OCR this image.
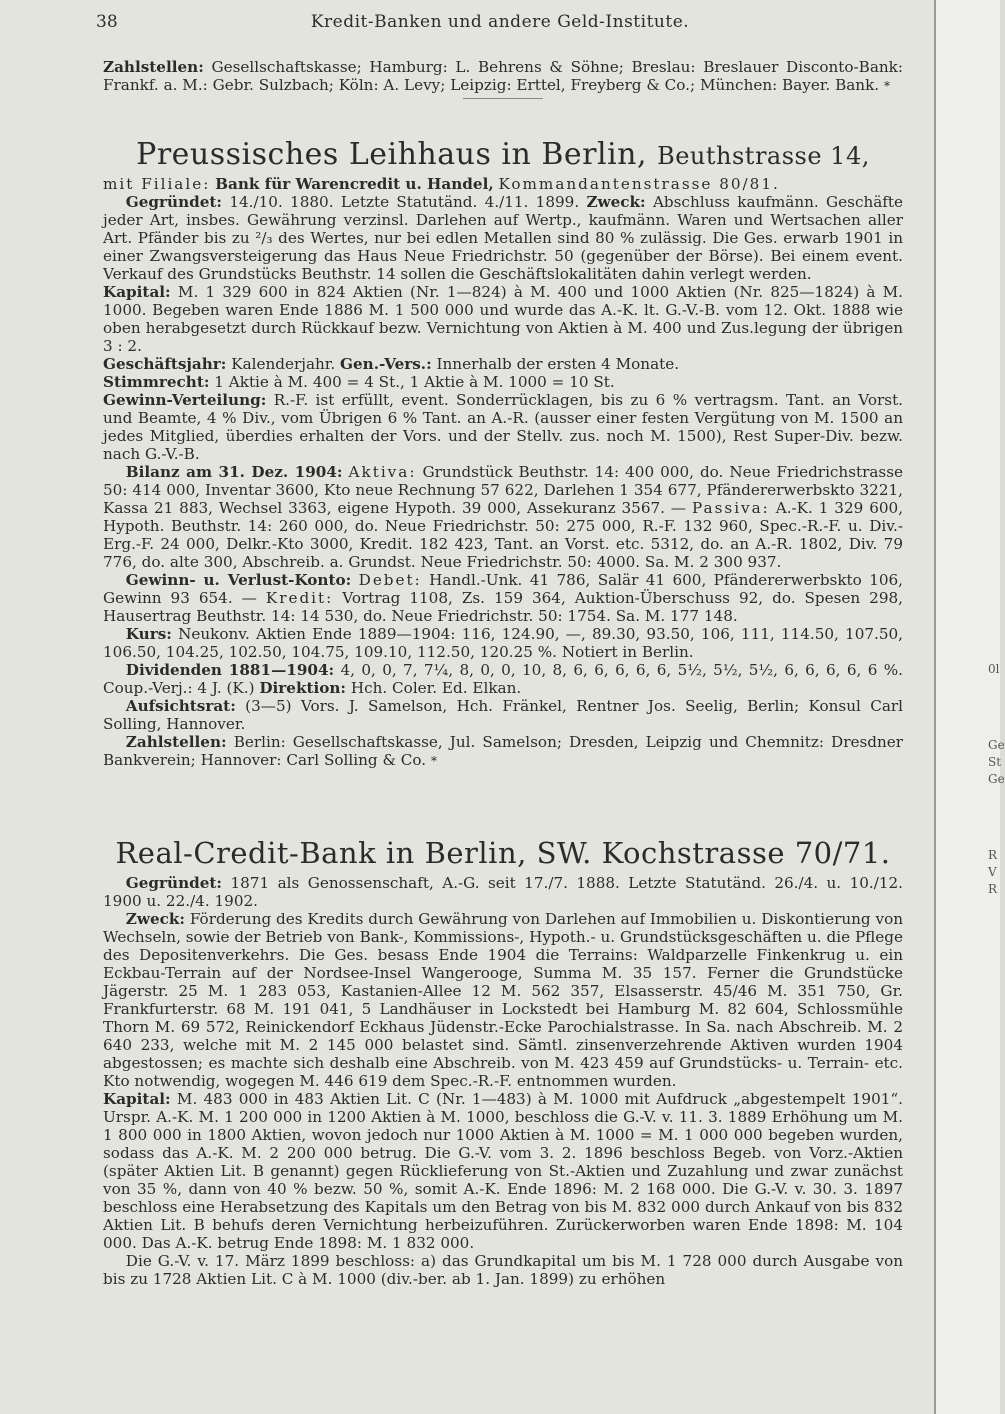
38	Kredit-Banken und andere Geld-Institute.

Zahlstellen: Gesellschaftskasse; Hamburg: L. Behrens & Söhne; Breslau: Breslauer Disconto-Bank: Frankf. a. M.: Gebr. Sulzbach; Köln: A. Levy; Leipzig: Erttel, Freyberg & Co.; München: Bayer. Bank. *

Preussisches Leihhaus in Berlin, Beuthstrasse 14,

mit Filiale: Bank für Warencredit u. Handel, Kommandantenstrasse 80/81.

Gegründet: 14./10. 1880. Letzte Statutänd. 4./11. 1899. Zweck: Abschluss kaufmänn. Geschäfte jeder Art, insbes. Gewährung verzinsl. Darlehen auf Wertp., kaufmänn. Waren und Wertsachen aller Art. Pfänder bis zu ²/₃ des Wertes, nur bei edlen Metallen sind 80 % zulässig. Die Ges. erwarb 1901 in einer Zwangsversteigerung das Haus Neue Friedrichstr. 50 (gegenüber der Börse). Bei einem event. Verkauf des Grundstücks Beuthstr. 14 sollen die Geschäftslokalitäten dahin verlegt werden.

Kapital: M. 1 329 600 in 824 Aktien (Nr. 1—824) à M. 400 und 1000 Aktien (Nr. 825—1824) à M. 1000. Begeben waren Ende 1886 M. 1 500 000 und wurde das A.-K. lt. G.-V.-B. vom 12. Okt. 1888 wie oben herabgesetzt durch Rückkauf bezw. Vernichtung von Aktien à M. 400 und Zus.legung der übrigen 3 : 2.

Geschäftsjahr: Kalenderjahr. Gen.-Vers.: Innerhalb der ersten 4 Monate.

Stimmrecht: 1 Aktie à M. 400 = 4 St., 1 Aktie à M. 1000 = 10 St.

Gewinn-Verteilung: R.-F. ist erfüllt, event. Sonderrücklagen, bis zu 6 % vertragsm. Tant. an Vorst. und Beamte, 4 % Div., vom Übrigen 6 % Tant. an A.-R. (ausser einer festen Vergütung von M. 1500 an jedes Mitglied, überdies erhalten der Vors. und der Stellv. zus. noch M. 1500), Rest Super-Div. bezw. nach G.-V.-B.

Bilanz am 31. Dez. 1904: Aktiva: Grundstück Beuthstr. 14: 400 000, do. Neue Friedrichstrasse 50: 414 000, Inventar 3600, Kto neue Rechnung 57 622, Darlehen 1 354 677, Pfändererwerbskto 3221, Kassa 21 883, Wechsel 3363, eigene Hypoth. 39 000, Assekuranz 3567. — Passiva: A.-K. 1 329 600, Hypoth. Beuthstr. 14: 260 000, do. Neue Friedrichstr. 50: 275 000, R.-F. 132 960, Spec.-R.-F. u. Div.-Erg.-F. 24 000, Delkr.-Kto 3000, Kredit. 182 423, Tant. an Vorst. etc. 5312, do. an A.-R. 1802, Div. 79 776, do. alte 300, Abschreib. a. Grundst. Neue Friedrichstr. 50: 4000. Sa. M. 2 300 937.

Gewinn- u. Verlust-Konto: Debet: Handl.-Unk. 41 786, Salär 41 600, Pfändererwerbskto 106, Gewinn 93 654. — Kredit: Vortrag 1108, Zs. 159 364, Auktion-Überschuss 92, do. Spesen 298, Hausertrag Beuthstr. 14: 14 530, do. Neue Friedrichstr. 50: 1754. Sa. M. 177 148.

Kurs: Neukonv. Aktien Ende 1889—1904: 116, 124.90, —, 89.30, 93.50, 106, 111, 114.50, 107.50, 106.50, 104.25, 102.50, 104.75, 109.10, 112.50, 120.25 %. Notiert in Berlin.

Dividenden 1881—1904: 4, 0, 0, 7, 7¼, 8, 0, 0, 10, 8, 6, 6, 6, 6, 6, 5½, 5½, 5½, 6, 6, 6, 6, 6 %. Coup.-Verj.: 4 J. (K.) Direktion: Hch. Coler. Ed. Elkan.

Aufsichtsrat: (3—5) Vors. J. Samelson, Hch. Fränkel, Rentner Jos. Seelig, Berlin; Konsul Carl Solling, Hannover.

Zahlstellen: Berlin: Gesellschaftskasse, Jul. Samelson; Dresden, Leipzig und Chemnitz: Dresdner Bankverein; Hannover: Carl Solling & Co. *

Real-Credit-Bank in Berlin, SW. Kochstrasse 70/71.

Gegründet: 1871 als Genossenschaft, A.-G. seit 17./7. 1888. Letzte Statutänd. 26./4. u. 10./12. 1900 u. 22./4. 1902.

Zweck: Förderung des Kredits durch Gewährung von Darlehen auf Immobilien u. Diskontierung von Wechseln, sowie der Betrieb von Bank-, Kommissions-, Hypoth.- u. Grundstücksgeschäften u. die Pflege des Depositenverkehrs. Die Ges. besass Ende 1904 die Terrains: Waldparzelle Finkenkrug u. ein Eckbau-Terrain auf der Nordsee-Insel Wangerooge, Summa M. 35 157. Ferner die Grundstücke Jägerstr. 25 M. 1 283 053, Kastanien-Allee 12 M. 562 357, Elsasserstr. 45/46 M. 351 750, Gr. Frankfurterstr. 68 M. 191 041, 5 Landhäuser in Lockstedt bei Hamburg M. 82 604, Schlossmühle Thorn M. 69 572, Reinickendorf Eckhaus Jüdenstr.-Ecke Parochialstrasse. In Sa. nach Abschreib. M. 2 640 233, welche mit M. 2 145 000 belastet sind. Sämtl. zinsenverzehrende Aktiven wurden 1904 abgestossen; es machte sich deshalb eine Abschreib. von M. 423 459 auf Grundstücks- u. Terrain- etc. Kto notwendig, wogegen M. 446 619 dem Spec.-R.-F. entnommen wurden.

Kapital: M. 483 000 in 483 Aktien Lit. C (Nr. 1—483) à M. 1000 mit Aufdruck „abgestempelt 1901“. Urspr. A.-K. M. 1 200 000 in 1200 Aktien à M. 1000, beschloss die G.-V. v. 11. 3. 1889 Erhöhung um M. 1 800 000 in 1800 Aktien, wovon jedoch nur 1000 Aktien à M. 1000 = M. 1 000 000 begeben wurden, sodass das A.-K. M. 2 200 000 betrug. Die G.-V. vom 3. 2. 1896 beschloss Begeb. von Vorz.-Aktien (später Aktien Lit. B genannt) gegen Rücklieferung von St.-Aktien und Zuzahlung und zwar zunächst von 35 %, dann von 40 % bezw. 50 %, somit A.-K. Ende 1896: M. 2 168 000. Die G.-V. v. 30. 3. 1897 beschloss eine Herabsetzung des Kapitals um den Betrag von bis M. 832 000 durch Ankauf von bis 832 Aktien Lit. B behufs deren Vernichtung herbeizuführen. Zurückerworben waren Ende 1898: M. 104 000. Das A.-K. betrug Ende 1898: M. 1 832 000.

Die G.-V. v. 17. März 1899 beschloss: a) das Grundkapital um bis M. 1 728 000 durch Ausgabe von bis zu 1728 Aktien Lit. C à M. 1000 (div.-ber. ab 1. Jan. 1899) zu erhöhen

0l
Ge
St
Ge
R
V
R
